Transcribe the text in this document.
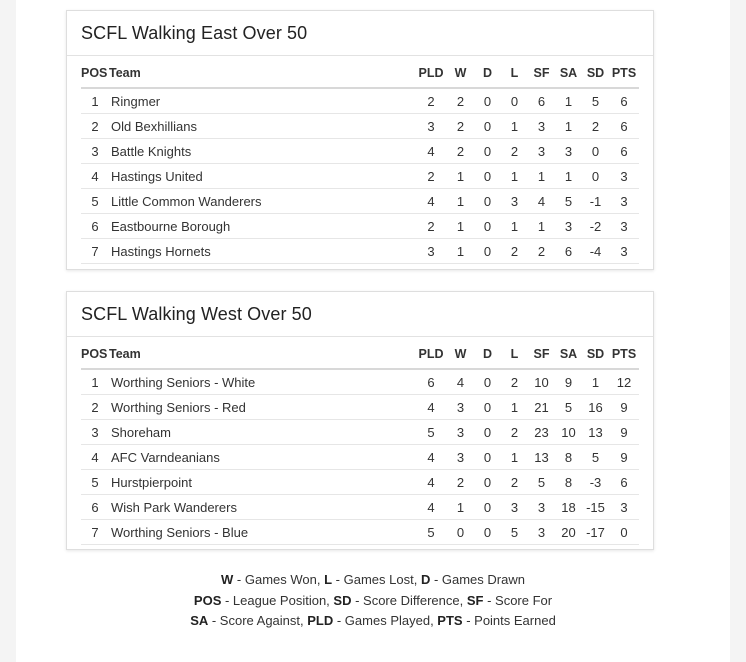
SCFL Walking East Over 50
POS	Team	PLD	W	D	L	SF	SA	SD	PTS
1	Ringmer	2	2	0	0	6	1	5	6
2	Old Bexhillians	3	2	0	1	3	1	2	6
3	Battle Knights	4	2	0	2	3	3	0	6
4	Hastings United	2	1	0	1	1	1	0	3
5	Little Common Wanderers	4	1	0	3	4	5	-1	3
6	Eastbourne Borough	2	1	0	1	1	3	-2	3
7	Hastings Hornets	3	1	0	2	2	6	-4	3
SCFL Walking West Over 50
POS	Team	PLD	W	D	L	SF	SA	SD	PTS
1	Worthing Seniors - White	6	4	0	2	10	9	1	12
2	Worthing Seniors - Red	4	3	0	1	21	5	16	9
3	Shoreham	5	3	0	2	23	10	13	9
4	AFC Varndeanians	4	3	0	1	13	8	5	9
5	Hurstpierpoint	4	2	0	2	5	8	-3	6
6	Wish Park Wanderers	4	1	0	3	3	18	-15	3
7	Worthing Seniors - Blue	5	0	0	5	3	20	-17	0
W - Games Won, L - Games Lost, D - Games Drawn
POS - League Position, SD - Score Difference, SF - Score For
SA - Score Against, PLD - Games Played, PTS - Points Earned
